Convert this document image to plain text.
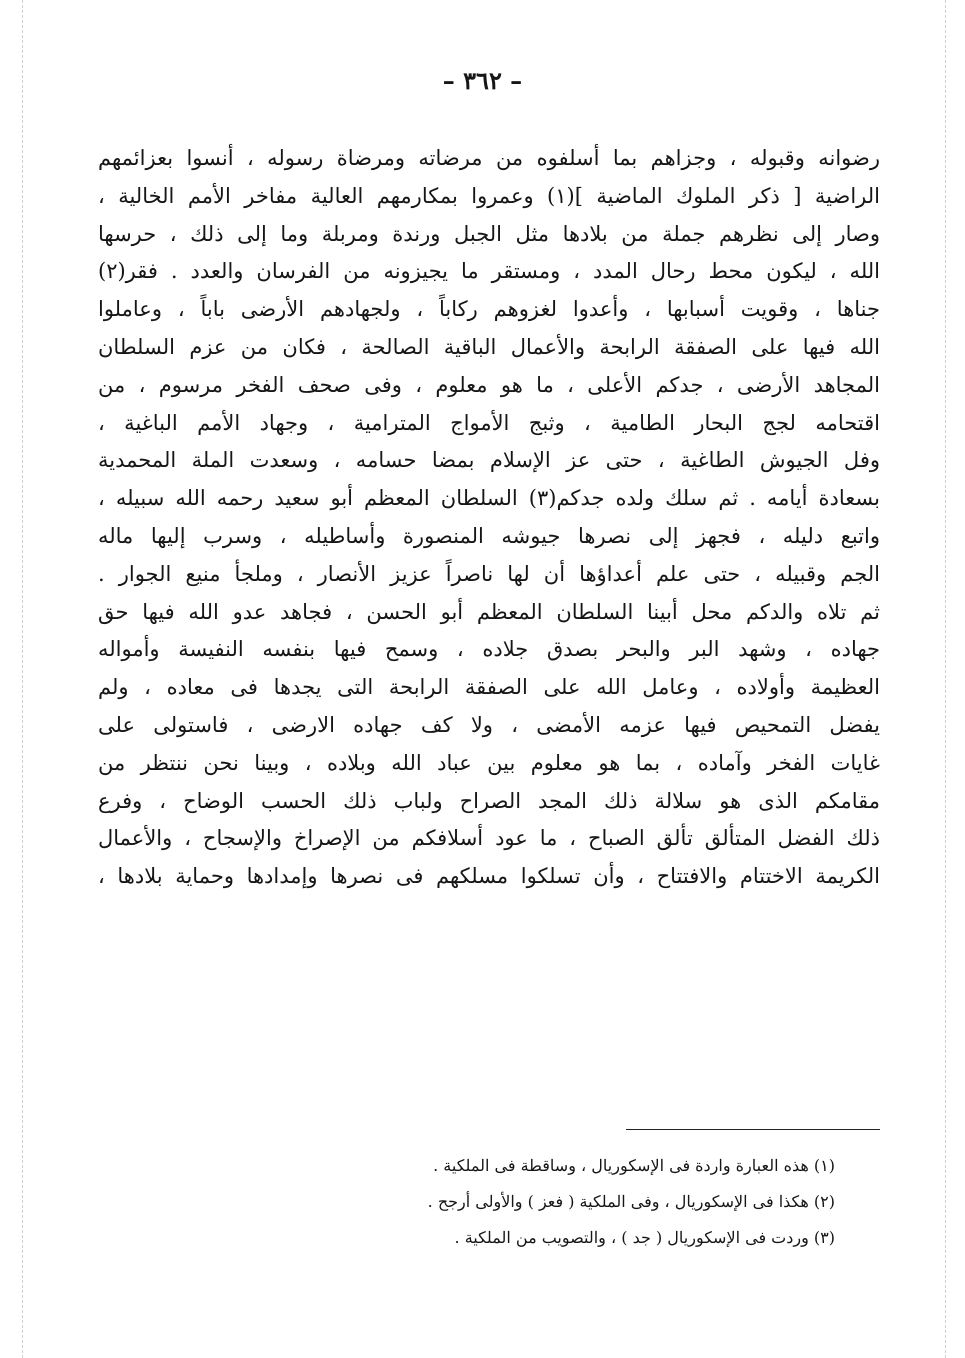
– ٣٦٢ –
رضوانه وقبوله ، وجزاهم بما أسلفوه من مرضاته ومرضاة رسوله ، أنسوا بعزائمهم
الراضية [ ذكر الملوك الماضية ](١) وعمروا بمكارمهم العالية مفاخر الأمم الخالية ،
وصار إلى نظرهم جملة من بلادها مثل الجبل ورندة ومربلة وما إلى ذلك ، حرسها
الله ، ليكون محط رحال المدد ، ومستقر ما يجيزونه من الفرسان والعدد . فقر(٢)
جناها ، وقويت أسبابها ، وأعدوا لغزوهم ركاباً ، ولجهادهم الأرضى باباً ، وعاملوا
الله فيها على الصفقة الرابحة والأعمال الباقية الصالحة ، فكان من عزم السلطان
المجاهد الأرضى ، جدكم الأعلى ، ما هو معلوم ، وفى صحف الفخر مرسوم ، من
اقتحامه لجج البحار الطامية ، وثبج الأمواج المترامية ، وجهاد الأمم الباغية ،
وفل الجيوش الطاغية ، حتى عز الإسلام بمضا حسامه ، وسعدت الملة المحمدية
بسعادة أيامه . ثم سلك ولده جدكم(٣) السلطان المعظم أبو سعيد رحمه الله سبيله ،
واتبع دليله ، فجهز إلى نصرها جيوشه المنصورة وأساطيله ، وسرب إليها ماله
الجم وقبيله ، حتى علم أعداؤها أن لها ناصراً عزيز الأنصار ، وملجأ منيع الجوار .
ثم تلاه والدكم محل أبينا السلطان المعظم أبو الحسن ، فجاهد عدو الله فيها حق
جهاده ، وشهد البر والبحر بصدق جلاده ، وسمح فيها بنفسه النفيسة وأمواله
العظيمة وأولاده ، وعامل الله على الصفقة الرابحة التى يجدها فى معاده ، ولم
يفضل التمحيص فيها عزمه الأمضى ، ولا كف جهاده الارضى ، فاستولى على
غايات الفخر وآماده ، بما هو معلوم بين عباد الله وبلاده ، وبينا نحن ننتظر من
مقامكم الذى هو سلالة ذلك المجد الصراح ولباب ذلك الحسب الوضاح ، وفرع
ذلك الفضل المتألق تألق الصباح ، ما عود أسلافكم من الإصراخ والإسجاح ، والأعمال
الكريمة الاختتام والافتتاح ، وأن تسلكوا مسلكهم فى نصرها وإمدادها وحماية بلادها ،
(١) هذه العبارة واردة فى الإسكوريال ، وساقطة فى الملكية .
(٢) هكذا فى الإسكوريال ، وفى الملكية ( فعز ) والأولى أرجح .
(٣) وردت فى الإسكوريال ( جد ) ، والتصويب من الملكية .
